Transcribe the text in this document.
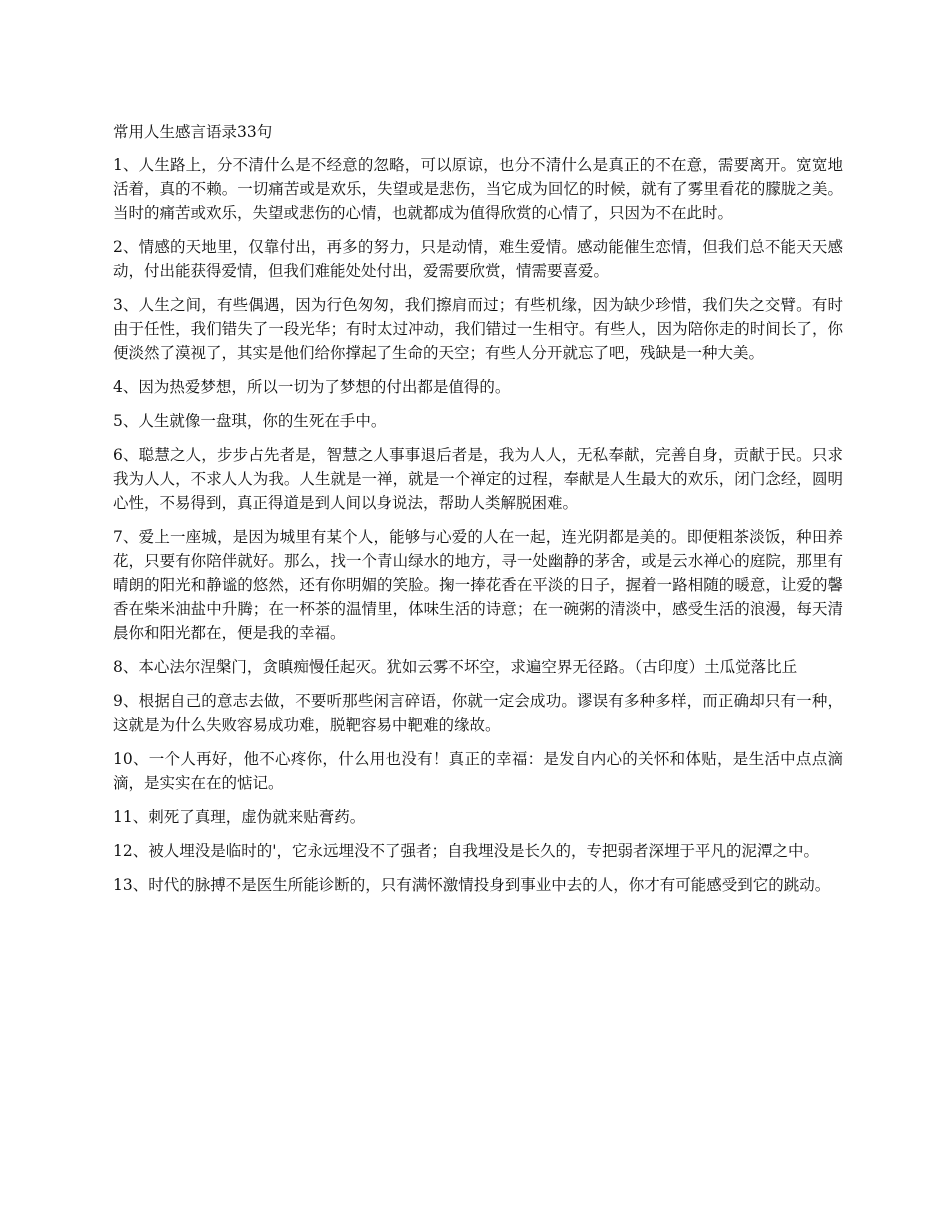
常用人生感言语录33句

1、人生路上，分不清什么是不经意的忽略，可以原谅，也分不清什么是真正的不在意，需要离开。宽宽地活着，真的不赖。一切痛苦或是欢乐，失望或是悲伤，当它成为回忆的时候，就有了雾里看花的朦胧之美。当时的痛苦或欢乐，失望或悲伤的心情，也就都成为值得欣赏的心情了，只因为不在此时。

2、情感的天地里，仅靠付出，再多的努力，只是动情，难生爱情。感动能催生恋情，但我们总不能天天感动，付出能获得爱情，但我们难能处处付出，爱需要欣赏，情需要喜爱。

3、人生之间，有些偶遇，因为行色匆匆，我们擦肩而过；有些机缘，因为缺少珍惜，我们失之交臂。有时由于任性，我们错失了一段光华；有时太过冲动，我们错过一生相守。有些人，因为陪你走的时间长了，你便淡然了漠视了，其实是他们给你撑起了生命的天空；有些人分开就忘了吧，残缺是一种大美。

4、因为热爱梦想，所以一切为了梦想的付出都是值得的。

5、人生就像一盘琪，你的生死在手中。

6、聪慧之人，步步占先者是，智慧之人事事退后者是，我为人人，无私奉献，完善自身，贡献于民。只求我为人人，不求人人为我。人生就是一禅，就是一个禅定的过程，奉献是人生最大的欢乐，闭门念经，圆明心性，不易得到，真正得道是到人间以身说法，帮助人类解脱困难。

7、爱上一座城，是因为城里有某个人，能够与心爱的人在一起，连光阴都是美的。即便粗茶淡饭，种田养花，只要有你陪伴就好。那么，找一个青山绿水的地方，寻一处幽静的茅舍，或是云水禅心的庭院，那里有晴朗的阳光和静谧的悠然，还有你明媚的笑脸。掬一捧花香在平淡的日子，握着一路相随的暖意，让爱的馨香在柴米油盐中升腾；在一杯茶的温情里，体味生活的诗意；在一碗粥的清淡中，感受生活的浪漫，每天清晨你和阳光都在，便是我的幸福。

8、本心法尔涅槃门，贪瞋痴慢任起灭。犹如云雾不坏空，求遍空界无径路。（古印度）土瓜觉落比丘

9、根据自己的意志去做，不要听那些闲言碎语，你就一定会成功。谬误有多种多样，而正确却只有一种，这就是为什么失败容易成功难，脱靶容易中靶难的缘故。

10、一个人再好，他不心疼你，什么用也没有！真正的幸福：是发自内心的关怀和体贴，是生活中点点滴滴，是实实在在的惦记。

11、刺死了真理，虚伪就来贴膏药。

12、被人埋没是临时的'，它永远埋没不了强者；自我埋没是长久的，专把弱者深埋于平凡的泥潭之中。

13、时代的脉搏不是医生所能诊断的，只有满怀激情投身到事业中去的人，你才有可能感受到它的跳动。
